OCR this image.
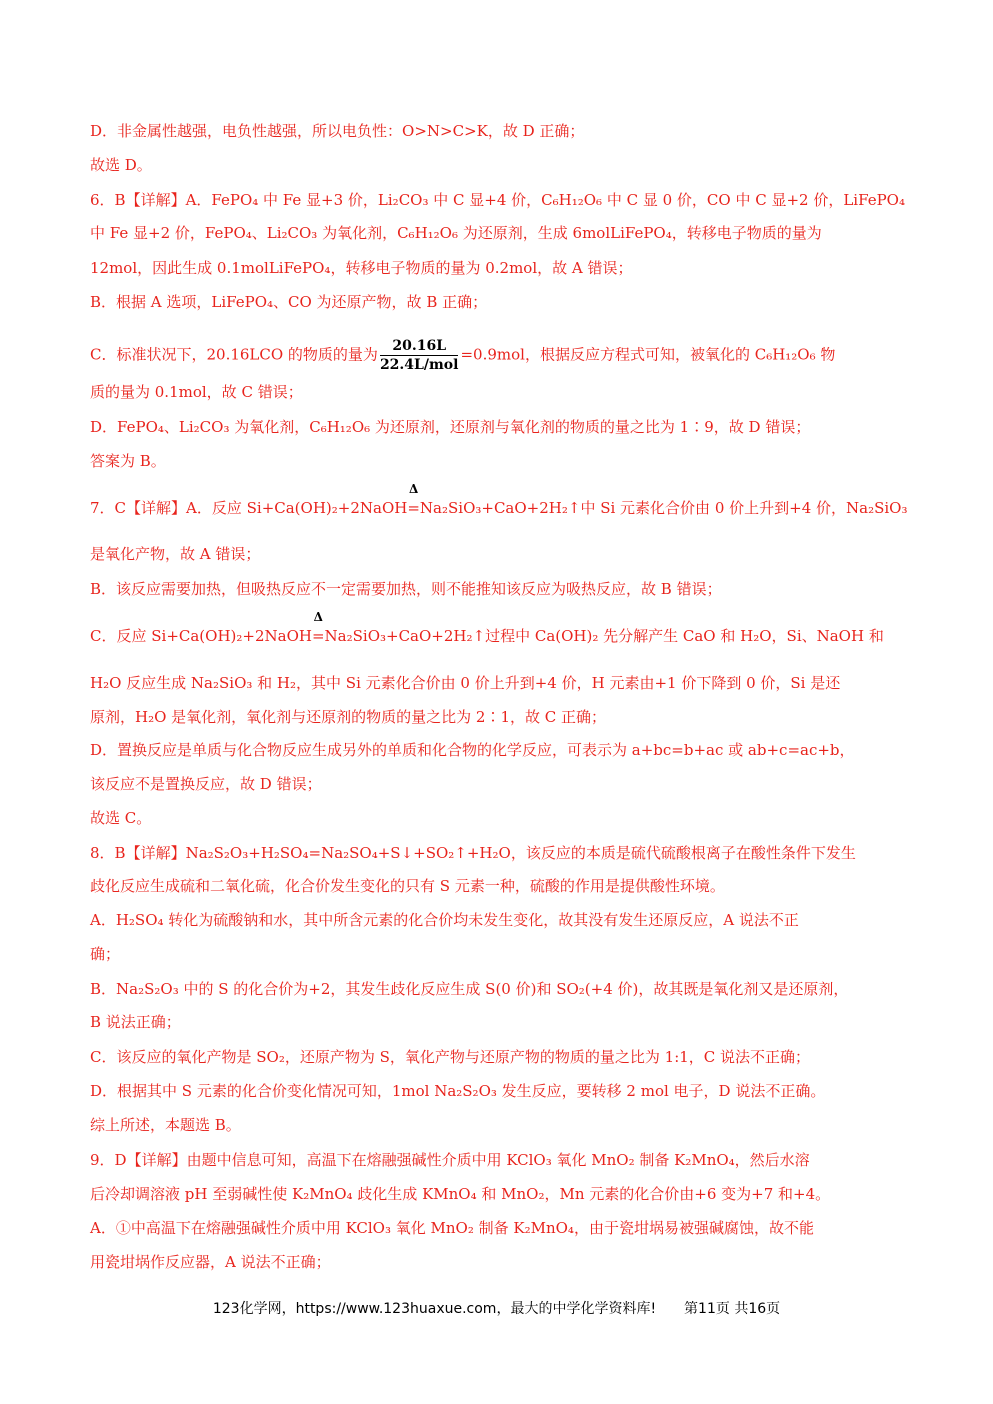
D．非金属性越强，电负性越强，所以电负性：O>N>C>K，故 D 正确；
故选 D。
6．B【详解】A．FePO₄ 中 Fe 显+3 价，Li₂CO₃ 中 C 显+4 价，C₆H₁₂O₆ 中 C 显 0 价，CO 中 C 显+2 价，LiFePO₄
中 Fe 显+2 价，FePO₄、Li₂CO₃ 为氧化剂，C₆H₁₂O₆ 为还原剂，生成 6molLiFePO₄，转移电子物质的量为
12mol，因此生成 0.1molLiFePO₄，转移电子物质的量为 0.2mol，故 A 错误；
B．根据 A 选项，LiFePO₄、CO 为还原产物，故 B 正确；
C．标准状况下，20.16LCO 的物质的量为 $\frac{20.16L}{\text{22.4L/mol}} =0.9mol$，根据反应方程式可知，被氧化的 C₆H₁₂O₆ 物
质的量为 0.1mol，故 C 错误；
D．FePO₄、Li₂CO₃ 为氧化剂，C₆H₁₂O₆ 为还原剂，还原剂与氧化剂的物质的量之比为 1∶9，故 D 错误；
答案为 B。
7．C【详解】A．反应 Si+Ca(OH)₂+2NaOH
Δ
=Na₂SiO₃+CaO+2H₂↑中 Si 元素化合价由 0 价上升到+4 价，Na₂SiO₃
是氧化产物，故 A 错误；
B．该反应需要加热，但吸热反应不一定需要加热，则不能推知该反应为吸热反应，故 B 错误；
C．反应 Si+Ca(OH)₂+2NaOH
Δ
=Na₂SiO₃+CaO+2H₂↑过程中 Ca(OH)₂ 先分解产生 CaO 和 H₂O，Si、NaOH 和
H₂O 反应生成 Na₂SiO₃ 和 H₂，其中 Si 元素化合价由 0 价上升到+4 价，H 元素由+1 价下降到 0 价，Si 是还
原剂，H₂O 是氧化剂，氧化剂与还原剂的物质的量之比为 2∶1，故 C 正确；
D．置换反应是单质与化合物反应生成另外的单质和化合物的化学反应，可表示为 a+bc=b+ac 或 ab+c=ac+b，
该反应不是置换反应，故 D 错误；
故选 C。
8．B【详解】Na₂S₂O₃+H₂SO₄=Na₂SO₄+S↓+SO₂↑+H₂O，该反应的本质是硫代硫酸根离子在酸性条件下发生
歧化反应生成硫和二氧化硫，化合价发生变化的只有 S 元素一种，硫酸的作用是提供酸性环境。
A．H₂SO₄ 转化为硫酸钠和水，其中所含元素的化合价均未发生变化，故其没有发生还原反应，A 说法不正
确；
B．Na₂S₂O₃ 中的 S 的化合价为+2，其发生歧化反应生成 S(0 价)和 SO₂(+4 价)，故其既是氧化剂又是还原剂，
B 说法正确；
C．该反应的氧化产物是 SO₂，还原产物为 S，氧化产物与还原产物的物质的量之比为 1:1，C 说法不正确；
D．根据其中 S 元素的化合价变化情况可知，1mol Na₂S₂O₃ 发生反应，要转移 2 mol 电子，D 说法不正确。
综上所述，本题选 B。
9．D【详解】由题中信息可知，高温下在熔融强碱性介质中用 KClO₃ 氧化 MnO₂ 制备 K₂MnO₄，然后水溶
后冷却调溶液 pH 至弱碱性使 K₂MnO₄ 歧化生成 KMnO₄ 和 MnO₂，Mn 元素的化合价由+6 变为+7 和+4。
A．①中高温下在熔融强碱性介质中用 KClO₃ 氧化 MnO₂ 制备 K₂MnO₄，由于瓷坩埚易被强碱腐蚀，故不能
用瓷坩埚作反应器，A 说法不正确；
123化学网，https://www.123huaxue.com，最大的中学化学资料库!　　第11页 共16页
